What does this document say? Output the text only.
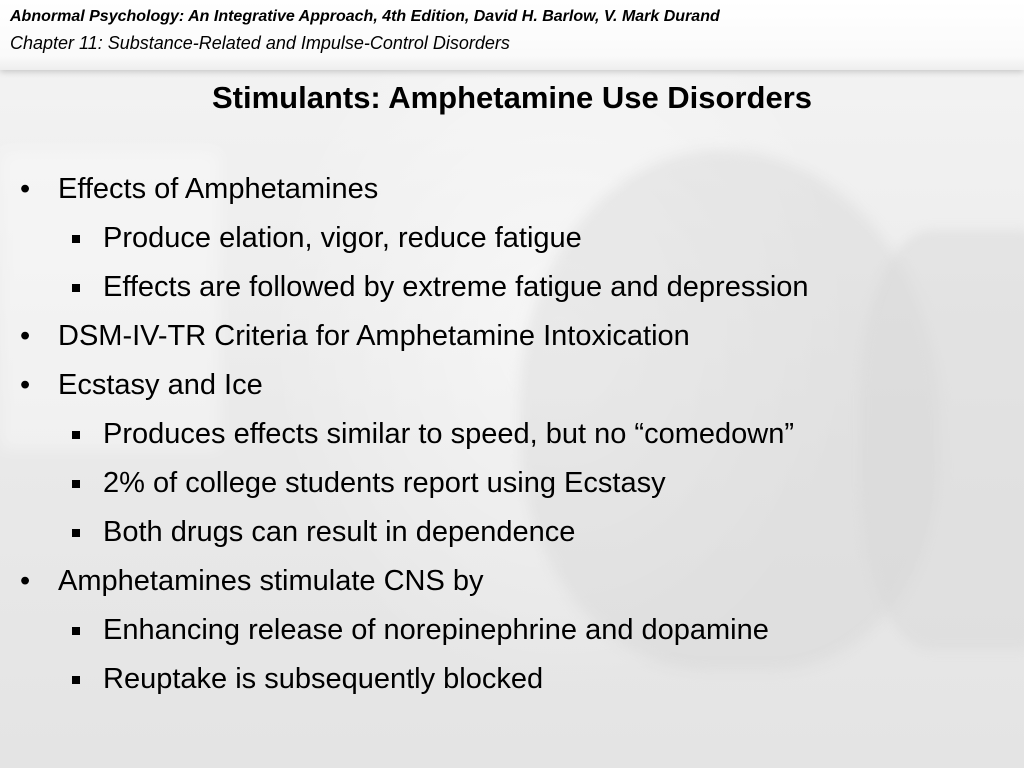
Abnormal Psychology: An Integrative Approach, 4th Edition, David H. Barlow, V. Mark Durand
Chapter 11: Substance-Related and Impulse-Control Disorders
Stimulants: Amphetamine Use Disorders
• Effects of Amphetamines
Produce elation, vigor, reduce fatigue
Effects are followed by extreme fatigue and depression
• DSM-IV-TR Criteria for Amphetamine Intoxication
• Ecstasy and Ice
Produces effects similar to speed, but no “comedown”
2% of college students report using Ecstasy
Both drugs can result in dependence
• Amphetamines stimulate CNS by
Enhancing release of norepinephrine and dopamine
Reuptake is subsequently blocked
